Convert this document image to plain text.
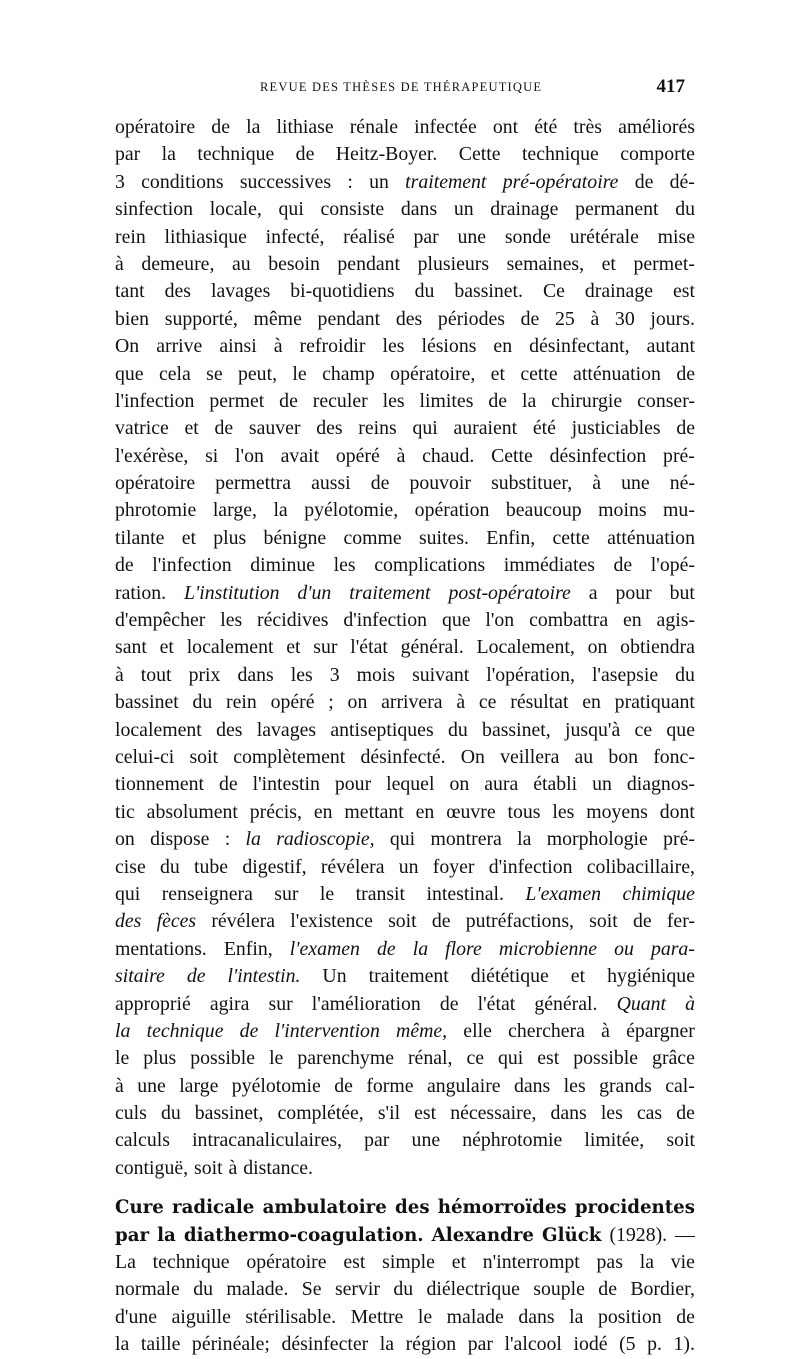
REVUE DES THÈSES DE THÉRAPEUTIQUE	417
opératoire de la lithiase rénale infectée ont été très améliorés
par la technique de Heitz-Boyer. Cette technique comporte
3 conditions successives : un traitement pré-opératoire de dé-
sinfection locale, qui consiste dans un drainage permanent du
rein lithiasique infecté, réalisé par une sonde urétérale mise
à demeure, au besoin pendant plusieurs semaines, et permet-
tant des lavages bi-quotidiens du bassinet. Ce drainage est
bien supporté, même pendant des périodes de 25 à 30 jours.
On arrive ainsi à refroidir les lésions en désinfectant, autant
que cela se peut, le champ opératoire, et cette atténuation de
l'infection permet de reculer les limites de la chirurgie conser-
vatrice et de sauver des reins qui auraient été justiciables de
l'exérèse, si l'on avait opéré à chaud. Cette désinfection pré-
opératoire permettra aussi de pouvoir substituer, à une né-
phrotomie large, la pyélotomie, opération beaucoup moins mu-
tilante et plus bénigne comme suites. Enfin, cette atténuation
de l'infection diminue les complications immédiates de l'opé-
ration. L'institution d'un traitement post-opératoire a pour but
d'empêcher les récidives d'infection que l'on combattra en agis-
sant et localement et sur l'état général. Localement, on obtiendra
à tout prix dans les 3 mois suivant l'opération, l'asepsie du
bassinet du rein opéré ; on arrivera à ce résultat en pratiquant
localement des lavages antiseptiques du bassinet, jusqu'à ce que
celui-ci soit complètement désinfecté. On veillera au bon fonc-
tionnement de l'intestin pour lequel on aura établi un diagnos-
tic absolument précis, en mettant en œuvre tous les moyens dont
on dispose : la radioscopie, qui montrera la morphologie pré-
cise du tube digestif, révélera un foyer d'infection colibacillaire,
qui renseignera sur le transit intestinal. L'examen chimique
des fèces révélera l'existence soit de putréfactions, soit de fer-
mentations. Enfin, l'examen de la flore microbienne ou para-
sitaire de l'intestin. Un traitement diététique et hygiénique
approprié agira sur l'amélioration de l'état général. Quant à
la technique de l'intervention même, elle cherchera à épargner
le plus possible le parenchyme rénal, ce qui est possible grâce
à une large pyélotomie de forme angulaire dans les grands cal-
culs du bassinet, complétée, s'il est nécessaire, dans les cas de
calculs intracanaliculaires, par une néphrotomie limitée, soit
contiguë, soit à distance.
Cure radicale ambulatoire des hémorroïdes procidentes
par la diathermo-coagulation. Alexandre Glück (1928). —
La technique opératoire est simple et n'interrompt pas la vie
normale du malade. Se servir du diélectrique souple de Bordier,
d'une aiguille stérilisable. Mettre le malade dans la position de
la taille périnéale; désinfecter la région par l'alcool iodé (5 p. 1).
